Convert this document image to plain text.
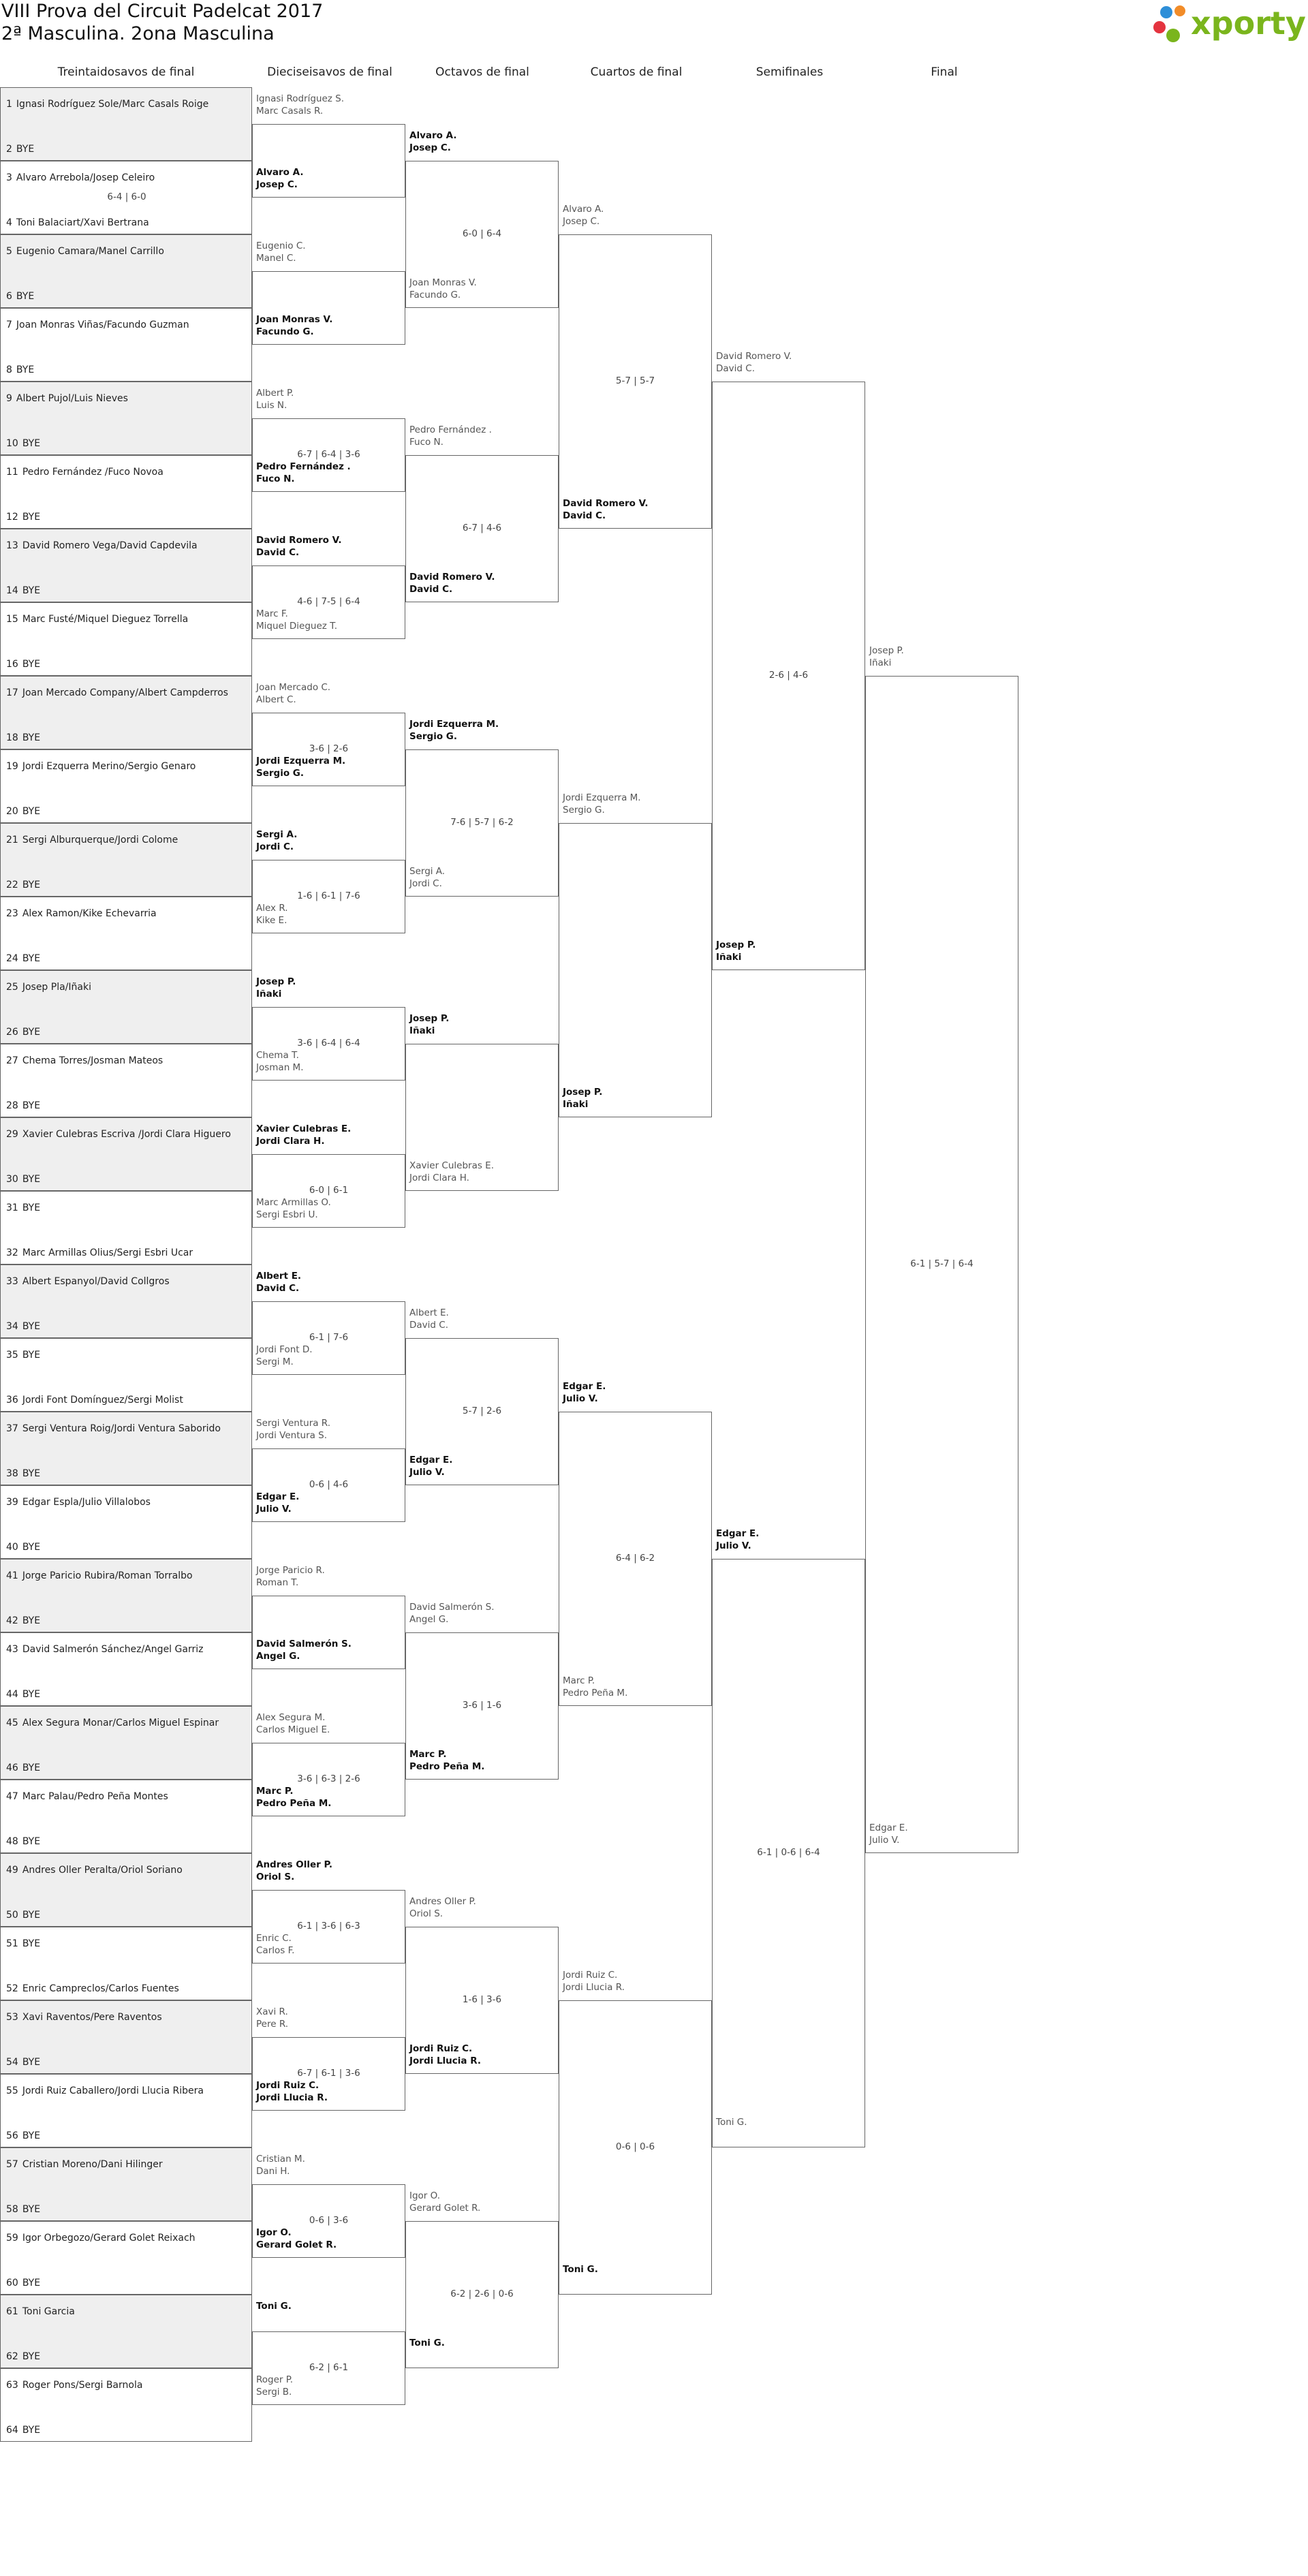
VIII Prova del Circuit Padelcat 2017
2ª Masculina. 2ona Masculina	xporty
Treintaidosavos de final	Dieciseisavos de final	Octavos de final	Cuartos de final	Semifinales	Final
1 Ignasi Rodríguez Sole/Marc Casals Roige
2 BYE
3 Alvaro Arrebola/Josep Celeiro
4 Toni Balaciart/Xavi Bertrana
6-4 | 6-0
5 Eugenio Camara/Manel Carrillo
6 BYE
7 Joan Monras Viñas/Facundo Guzman
8 BYE
9 Albert Pujol/Luis Nieves
10 BYE
11 Pedro Fernández /Fuco Novoa
12 BYE
13 David Romero Vega/David Capdevila
14 BYE
15 Marc Fusté/Miquel Dieguez Torrella
16 BYE
17 Joan Mercado Company/Albert Campderros
18 BYE
19 Jordi Ezquerra Merino/Sergio Genaro
20 BYE
21 Sergi Alburquerque/Jordi Colome
22 BYE
23 Alex Ramon/Kike Echevarria
24 BYE
25 Josep Pla/Iñaki
26 BYE
27 Chema Torres/Josman Mateos
28 BYE
29 Xavier Culebras Escriva /Jordi Clara Higuero
30 BYE
31 BYE
32 Marc Armillas Olius/Sergi Esbri Ucar
33 Albert Espanyol/David Collgros
34 BYE
35 BYE
36 Jordi Font Domínguez/Sergi Molist
37 Sergi Ventura Roig/Jordi Ventura Saborido
38 BYE
39 Edgar Espla/Julio Villalobos
40 BYE
41 Jorge Paricio Rubira/Roman Torralbo
42 BYE
43 David Salmerón Sánchez/Angel Garriz
44 BYE
45 Alex Segura Monar/Carlos Miguel Espinar
46 BYE
47 Marc Palau/Pedro Peña Montes
48 BYE
49 Andres Oller Peralta/Oriol Soriano
50 BYE
51 BYE
52 Enric Campreclos/Carlos Fuentes
53 Xavi Raventos/Pere Raventos
54 BYE
55 Jordi Ruiz Caballero/Jordi Llucia Ribera
56 BYE
57 Cristian Moreno/Dani Hilinger
58 BYE
59 Igor Orbegozo/Gerard Golet Reixach
60 BYE
61 Toni Garcia
62 BYE
63 Roger Pons/Sergi Barnola
64 BYE
Ignasi Rodríguez S.
Marc Casals R.
Alvaro A.
Josep C.
Eugenio C.
Manel C.
Joan Monras V.
Facundo G.
Albert P.
Luis N.
Pedro Fernández .
Fuco N.
6-7 | 6-4 | 3-6
David Romero V.
David C.
Marc F.
Miquel Dieguez T.
4-6 | 7-5 | 6-4
Joan Mercado C.
Albert C.
Jordi Ezquerra M.
Sergio G.
3-6 | 2-6
Sergi A.
Jordi C.
Alex R.
Kike E.
1-6 | 6-1 | 7-6
Josep P.
Iñaki
Chema T.
Josman M.
3-6 | 6-4 | 6-4
Xavier Culebras E.
Jordi Clara H.
Marc Armillas O.
Sergi Esbri U.
6-0 | 6-1
Albert E.
David C.
Jordi Font D.
Sergi M.
6-1 | 7-6
Sergi Ventura R.
Jordi Ventura S.
Edgar E.
Julio V.
0-6 | 4-6
Jorge Paricio R.
Roman T.
David Salmerón S.
Angel G.
Alex Segura M.
Carlos Miguel E.
Marc P.
Pedro Peña M.
3-6 | 6-3 | 2-6
Andres Oller P.
Oriol S.
Enric C.
Carlos F.
6-1 | 3-6 | 6-3
Xavi R.
Pere R.
Jordi Ruiz C.
Jordi Llucia R.
6-7 | 6-1 | 3-6
Cristian M.
Dani H.
Igor O.
Gerard Golet R.
0-6 | 3-6
Toni G.
Roger P.
Sergi B.
6-2 | 6-1
Alvaro A.
Josep C.
Joan Monras V.
Facundo G.
6-0 | 6-4
Pedro Fernández .
Fuco N.
David Romero V.
David C.
6-7 | 4-6
Jordi Ezquerra M.
Sergio G.
Sergi A.
Jordi C.
7-6 | 5-7 | 6-2
Josep P.
Iñaki
Xavier Culebras E.
Jordi Clara H.
Albert E.
David C.
Edgar E.
Julio V.
5-7 | 2-6
David Salmerón S.
Angel G.
Marc P.
Pedro Peña M.
3-6 | 1-6
Andres Oller P.
Oriol S.
Jordi Ruiz C.
Jordi Llucia R.
1-6 | 3-6
Igor O.
Gerard Golet R.
Toni G.
6-2 | 2-6 | 0-6
Alvaro A.
Josep C.
David Romero V.
David C.
5-7 | 5-7
Jordi Ezquerra M.
Sergio G.
Josep P.
Iñaki
Edgar E.
Julio V.
Marc P.
Pedro Peña M.
6-4 | 6-2
Jordi Ruiz C.
Jordi Llucia R.
Toni G.
0-6 | 0-6
David Romero V.
David C.
Josep P.
Iñaki
2-6 | 4-6
Edgar E.
Julio V.
Toni G.
6-1 | 0-6 | 6-4
Josep P.
Iñaki
Edgar E.
Julio V.
6-1 | 5-7 | 6-4
